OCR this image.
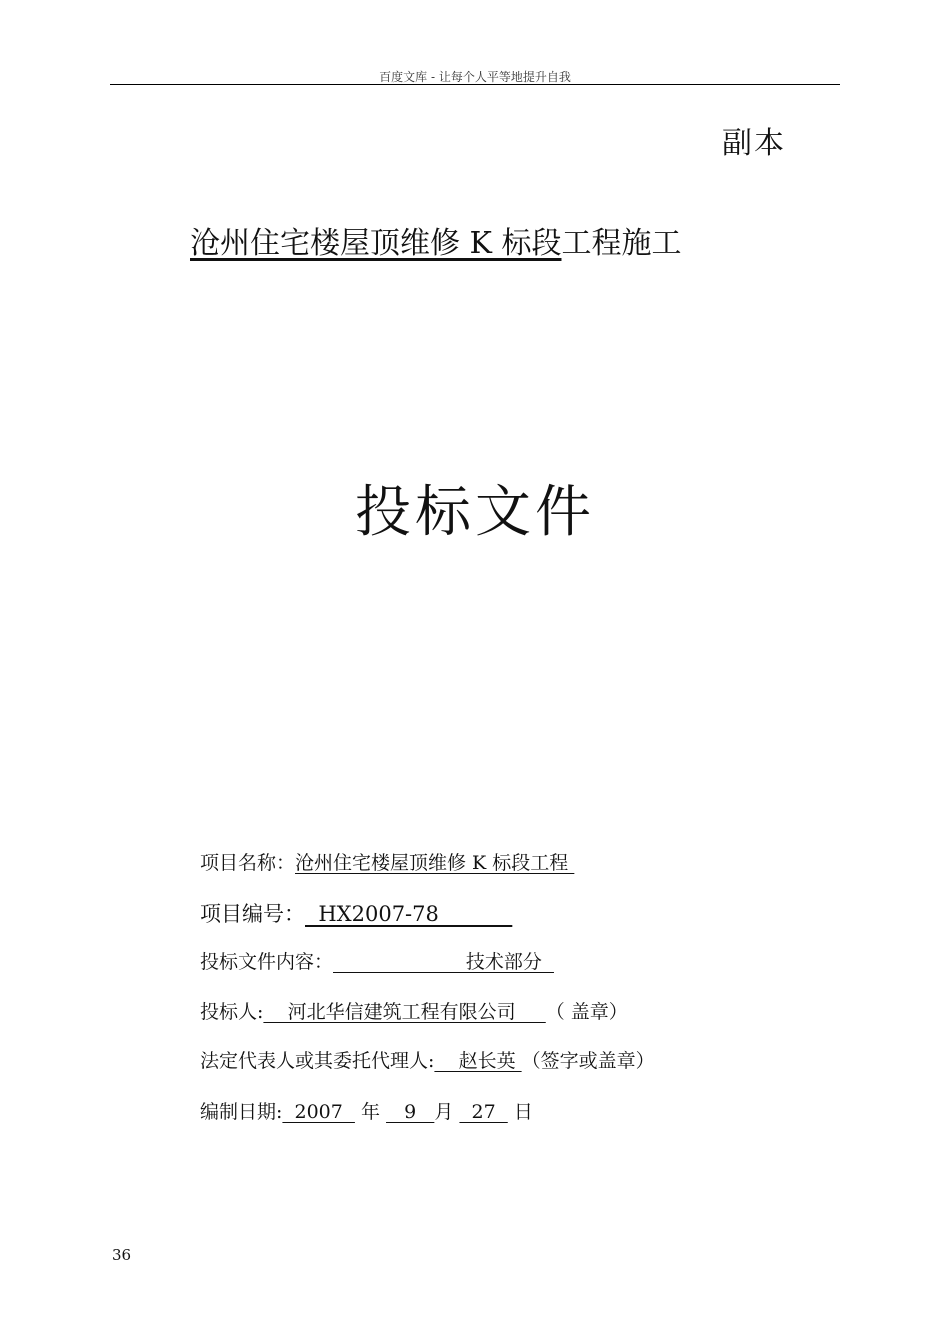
百度文库 - 让每个人平等地提升自我
副本
沧州住宅楼屋顶维修 K 标段工程施工
投标文件
项目名称：沧州住宅楼屋顶维修 K 标段工程
项目编号：  HX2007-78
投标文件内容：                      技术部分
投标人:    河北华信建筑工程有限公司     （ 盖章）
法定代表人或其委托代理人:    赵长英 （签字或盖章）
编制日期:  2007   年    9   月   27   日
36
